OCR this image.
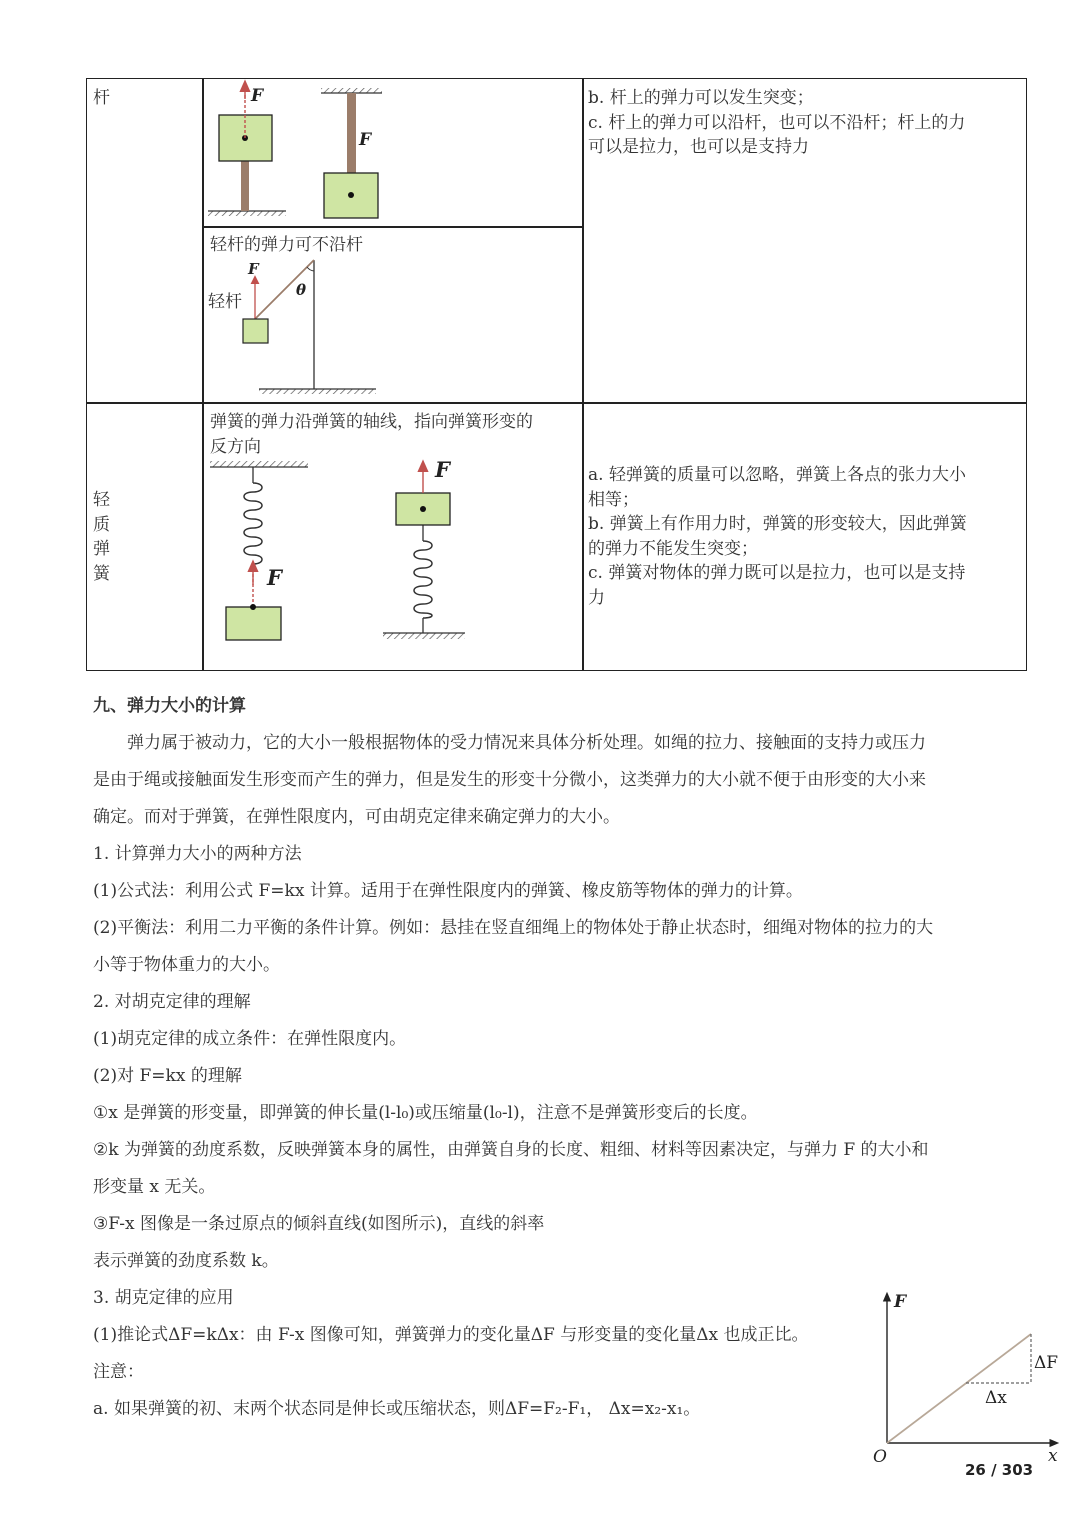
杆	F
F
轻杆的弹力可不沿杆
F
θ
轻杆
b. 杆上的弹力可以发生突变；
c. 杆上的弹力可以沿杆，也可以不沿杆；杆上的力
可以是拉力，也可以是支持力
轻
质
弹
簧
弹簧的弹力沿弹簧的轴线，指向弹簧形变的
反方向
F
F	a. 轻弹簧的质量可以忽略，弹簧上各点的张力大小
相等；
b. 弹簧上有作用力时，弹簧的形变较大，因此弹簧
的弹力不能发生突变；
c. 弹簧对物体的弹力既可以是拉力，也可以是支持
力
九、弹力大小的计算
　　弹力属于被动力，它的大小一般根据物体的受力情况来具体分析处理。如绳的拉力、接触面的支持力或压力
是由于绳或接触面发生形变而产生的弹力，但是发生的形变十分微小，这类弹力的大小就不便于由形变的大小来
确定。而对于弹簧，在弹性限度内，可由胡克定律来确定弹力的大小。
1. 计算弹力大小的两种方法
(1)公式法：利用公式 F=kx 计算。适用于在弹性限度内的弹簧、橡皮筋等物体的弹力的计算。
(2)平衡法：利用二力平衡的条件计算。例如：悬挂在竖直细绳上的物体处于静止状态时，细绳对物体的拉力的大
小等于物体重力的大小。
2. 对胡克定律的理解
(1)胡克定律的成立条件：在弹性限度内。
(2)对 F=kx 的理解
①x 是弹簧的形变量，即弹簧的伸长量(l-l₀)或压缩量(l₀-l)，注意不是弹簧形变后的长度。
②k 为弹簧的劲度系数，反映弹簧本身的属性，由弹簧自身的长度、粗细、材料等因素决定，与弹力 F 的大小和
形变量 x 无关。
③F-x 图像是一条过原点的倾斜直线(如图所示)，直线的斜率
表示弹簧的劲度系数 k。
3. 胡克定律的应用
(1)推论式ΔF=kΔx：由 F-x 图像可知，弹簧弹力的变化量ΔF 与形变量的变化量Δx 也成正比。
注意：
a. 如果弹簧的初、末两个状态同是伸长或压缩状态，则ΔF=F₂-F₁， Δx=x₂-x₁。
F
x
O
ΔF
Δx
26 / 303
